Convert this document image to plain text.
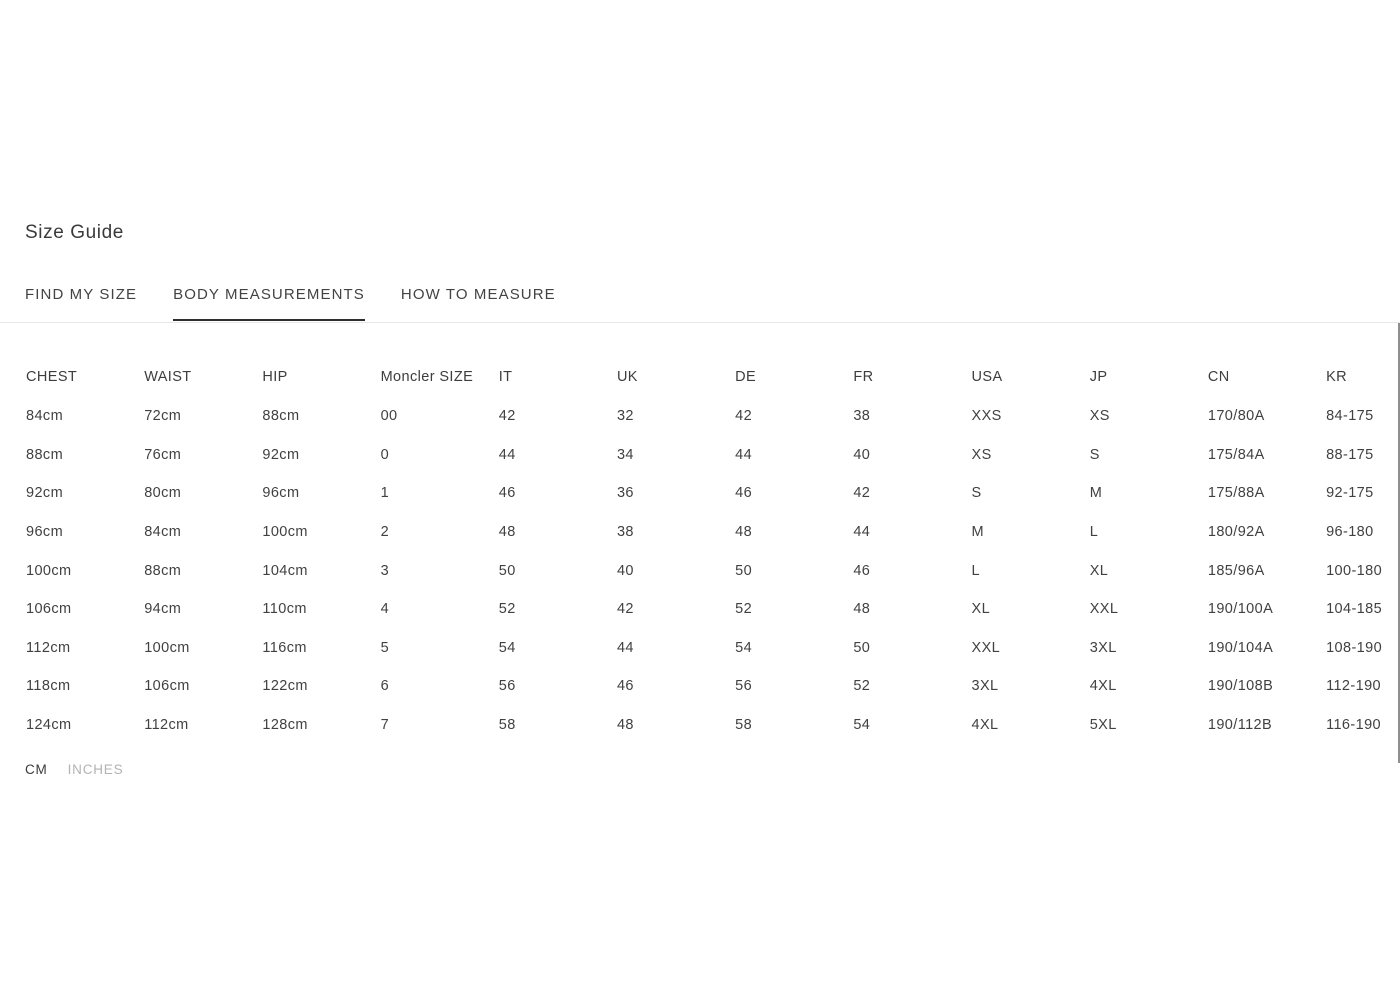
Size Guide
FIND MY SIZE BODY MEASUREMENTS HOW TO MEASURE
CHEST	WAIST	HIP	Moncler SIZE	IT	UK	DE	FR	USA	JP	CN	KR
84cm	72cm	88cm	00	42	32	42	38	XXS	XS	170/80A	84-175
88cm	76cm	92cm	0	44	34	44	40	XS	S	175/84A	88-175
92cm	80cm	96cm	1	46	36	46	42	S	M	175/88A	92-175
96cm	84cm	100cm	2	48	38	48	44	M	L	180/92A	96-180
100cm	88cm	104cm	3	50	40	50	46	L	XL	185/96A	100-180
106cm	94cm	110cm	4	52	42	52	48	XL	XXL	190/100A	104-185
112cm	100cm	116cm	5	54	44	54	50	XXL	3XL	190/104A	108-190
118cm	106cm	122cm	6	56	46	56	52	3XL	4XL	190/108B	112-190
124cm	112cm	128cm	7	58	48	58	54	4XL	5XL	190/112B	116-190
CM INCHES
